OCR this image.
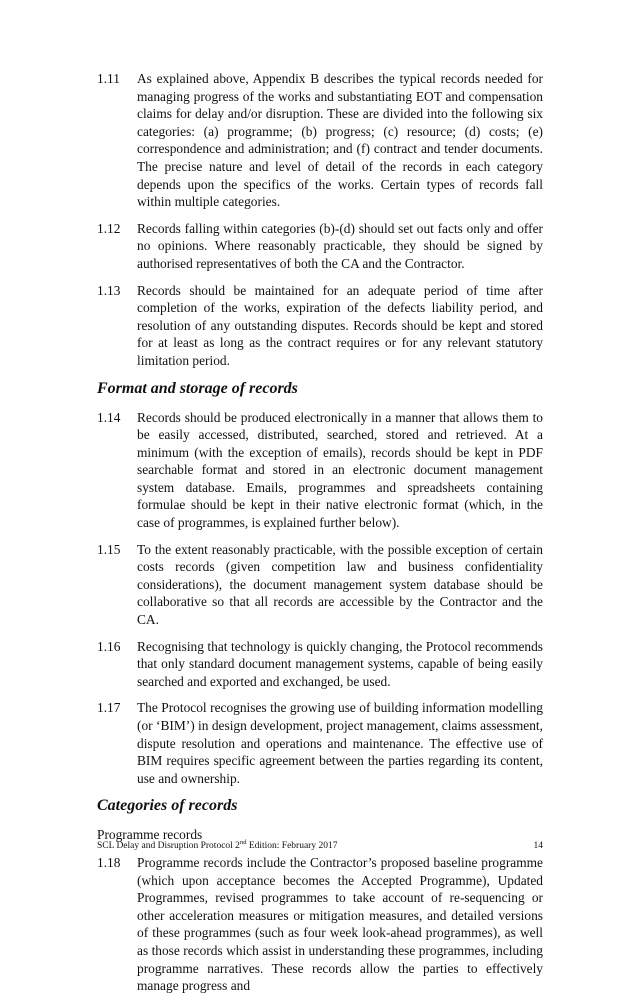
1.11 As explained above, Appendix B describes the typical records needed for managing progress of the works and substantiating EOT and compensation claims for delay and/or disruption. These are divided into the following six categories: (a) programme; (b) progress; (c) resource; (d) costs; (e) correspondence and administration; and (f) contract and tender documents. The precise nature and level of detail of the records in each category depends upon the specifics of the works. Certain types of records fall within multiple categories.
1.12 Records falling within categories (b)-(d) should set out facts only and offer no opinions. Where reasonably practicable, they should be signed by authorised representatives of both the CA and the Contractor.
1.13 Records should be maintained for an adequate period of time after completion of the works, expiration of the defects liability period, and resolution of any outstanding disputes. Records should be kept and stored for at least as long as the contract requires or for any relevant statutory limitation period.
Format and storage of records
1.14 Records should be produced electronically in a manner that allows them to be easily accessed, distributed, searched, stored and retrieved. At a minimum (with the exception of emails), records should be kept in PDF searchable format and stored in an electronic document management system database. Emails, programmes and spreadsheets containing formulae should be kept in their native electronic format (which, in the case of programmes, is explained further below).
1.15 To the extent reasonably practicable, with the possible exception of certain costs records (given competition law and business confidentiality considerations), the document management system database should be collaborative so that all records are accessible by the Contractor and the CA.
1.16 Recognising that technology is quickly changing, the Protocol recommends that only standard document management systems, capable of being easily searched and exported and exchanged, be used.
1.17 The Protocol recognises the growing use of building information modelling (or ‘BIM’) in design development, project management, claims assessment, dispute resolution and operations and maintenance. The effective use of BIM requires specific agreement between the parties regarding its content, use and ownership.
Categories of records
Programme records
1.18 Programme records include the Contractor’s proposed baseline programme (which upon acceptance becomes the Accepted Programme), Updated Programmes, revised programmes to take account of re-sequencing or other acceleration measures or mitigation measures, and detailed versions of these programmes (such as four week look-ahead programmes), as well as those records which assist in understanding these programmes, including programme narratives. These records allow the parties to effectively manage progress and
SCL Delay and Disruption Protocol 2nd Edition: February 2017	14
